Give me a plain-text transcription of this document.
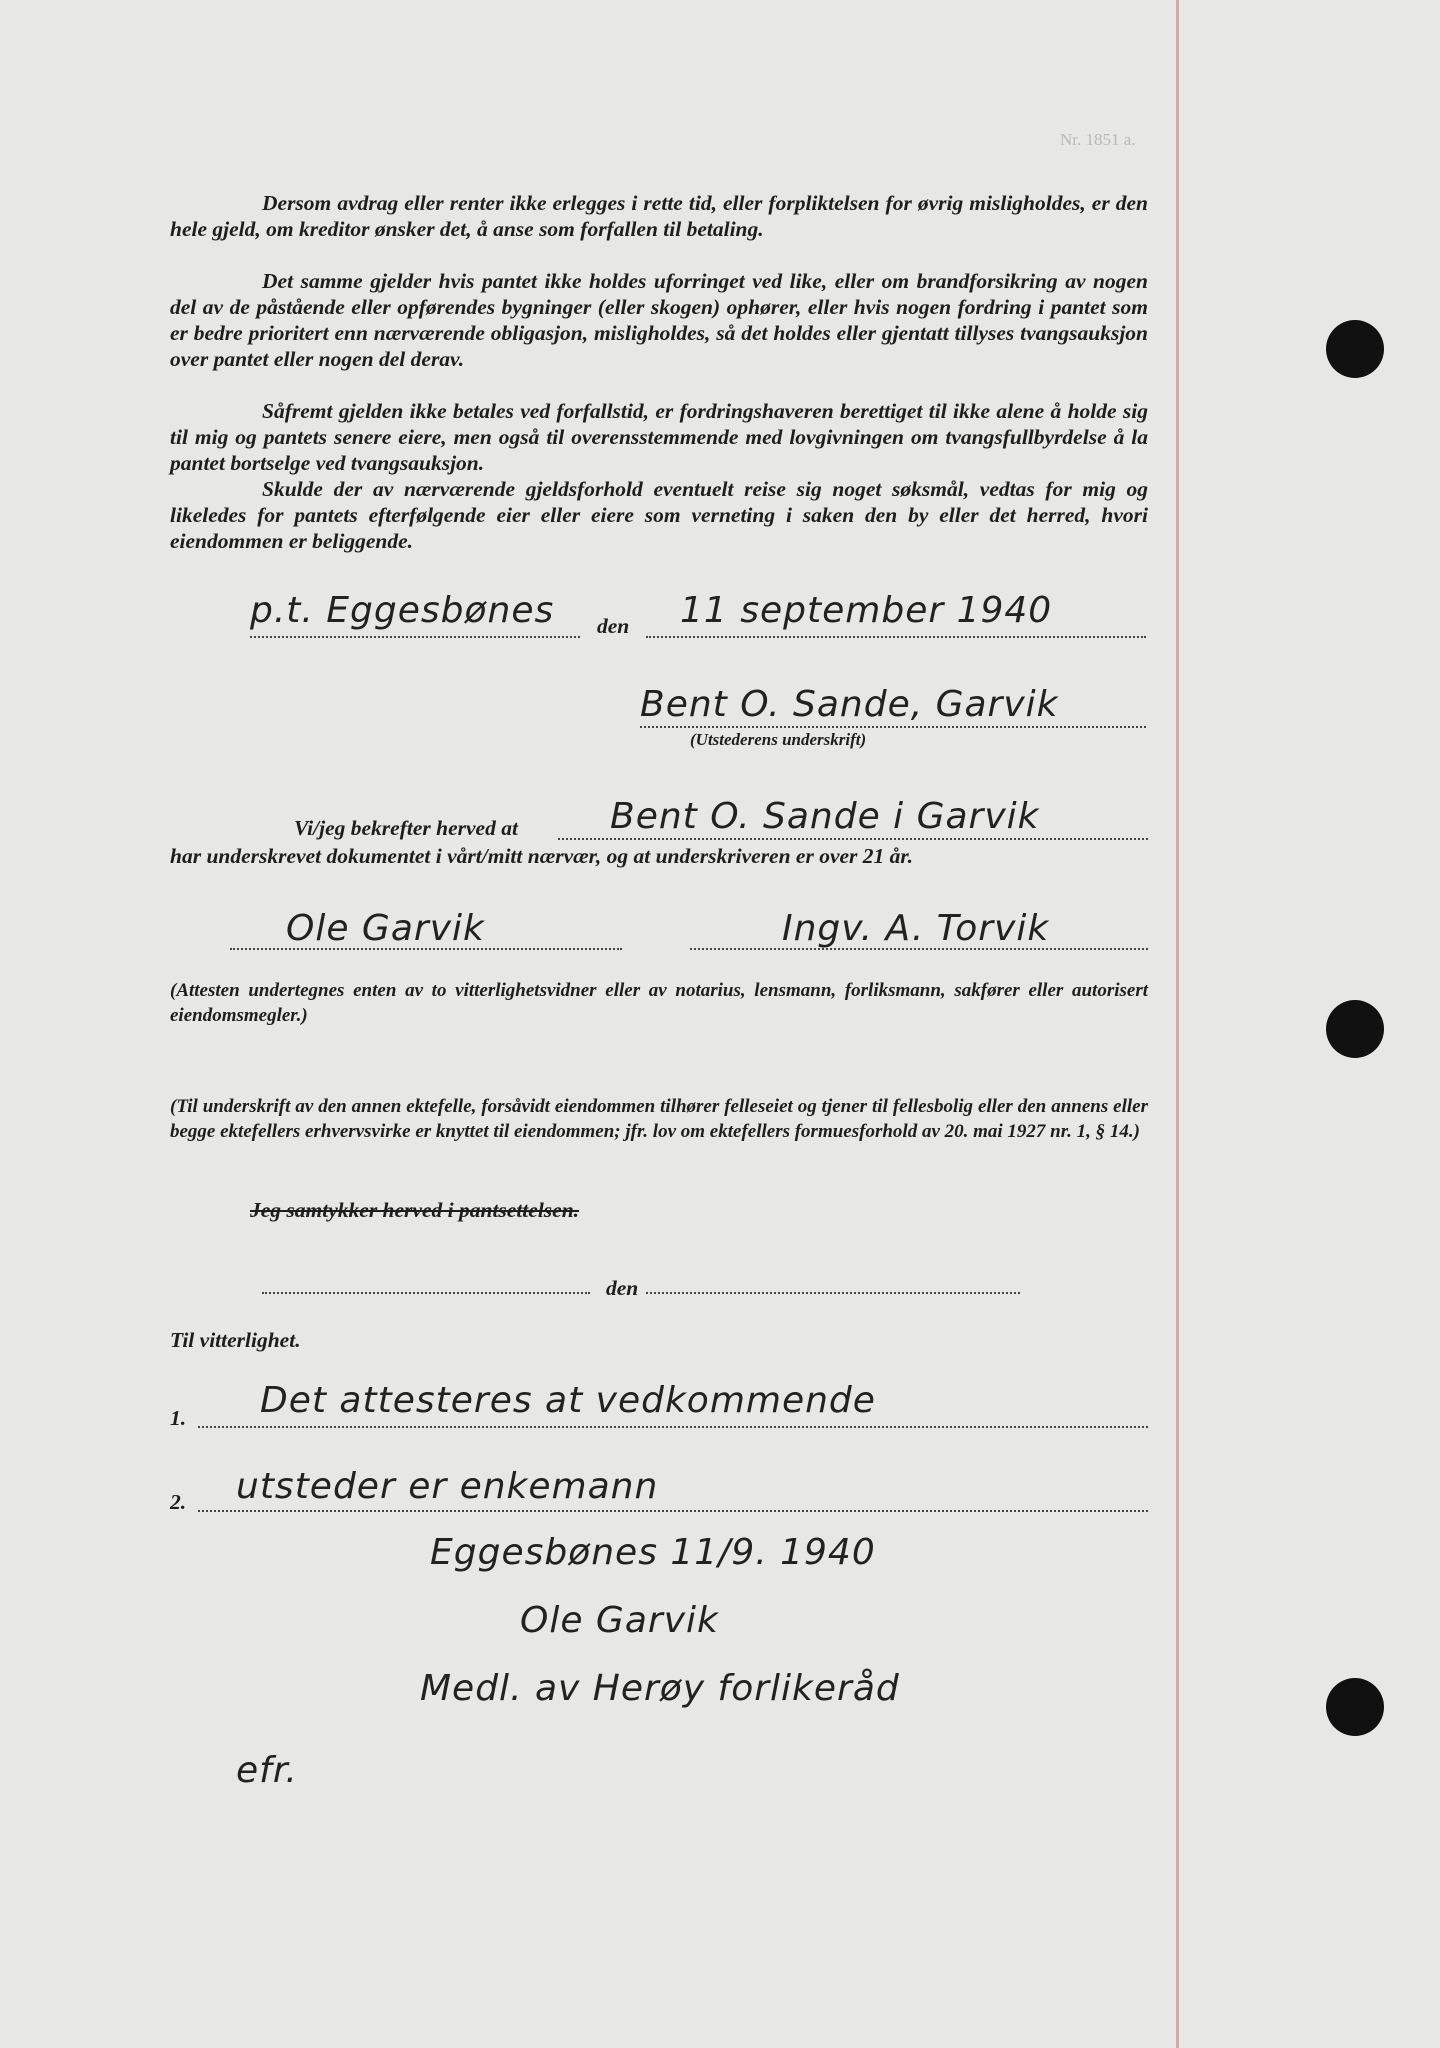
Nr. 1851 a.
Dersom avdrag eller renter ikke erlegges i rette tid, eller forpliktelsen for øvrig misligholdes, er den hele gjeld, om kreditor ønsker det, å anse som forfallen til betaling.
Det samme gjelder hvis pantet ikke holdes uforringet ved like, eller om brandforsikring av nogen del av de påstående eller opførendes bygninger (eller skogen) ophører, eller hvis nogen fordring i pantet som er bedre prioritert enn nærværende obligasjon, misligholdes, så det holdes eller gjentatt tillyses tvangsauksjon over pantet eller nogen del derav.
Såfremt gjelden ikke betales ved forfallstid, er fordringshaveren berettiget til ikke alene å holde sig til mig og pantets senere eiere, men også til overensstemmende med lovgivningen om tvangsfullbyrdelse å la pantet bortselge ved tvangsauksjon.
Skulde der av nærværende gjeldsforhold eventuelt reise sig noget søksmål, vedtas for mig og likeledes for pantets efterfølgende eier eller eiere som verneting i saken den by eller det herred, hvori eiendommen er beliggende.
p.t. Eggesbønes den 11 september 1940
Bent O. Sande, Garvik
(Utstederens underskrift)
Vi/jeg bekrefter herved at	Bent O. Sande i Garvik
har underskrevet dokumentet i vårt/mitt nærvær, og at underskriveren er over 21 år.
Ole Garvik	Ingv. A. Torvik
(Attesten undertegnes enten av to vitterlighetsvidner eller av notarius, lensmann, forliksmann, sakfører eller autorisert eiendomsmegler.)
(Til underskrift av den annen ektefelle, forsåvidt eiendommen tilhører felleseiet og tjener til fellesbolig eller den annens eller begge ektefellers erhvervsvirke er knyttet til eiendommen; jfr. lov om ektefellers formuesforhold av 20. mai 1927 nr. 1, § 14.)
Jeg samtykker herved i pantsettelsen.
den
Til vitterlighet.
1. Det attesteres at vedkommende
2. utsteder er enkemann
Eggesbønes 11/9. 1940
Ole Garvik
Medl. av Herøy forlikeråd
efr.
